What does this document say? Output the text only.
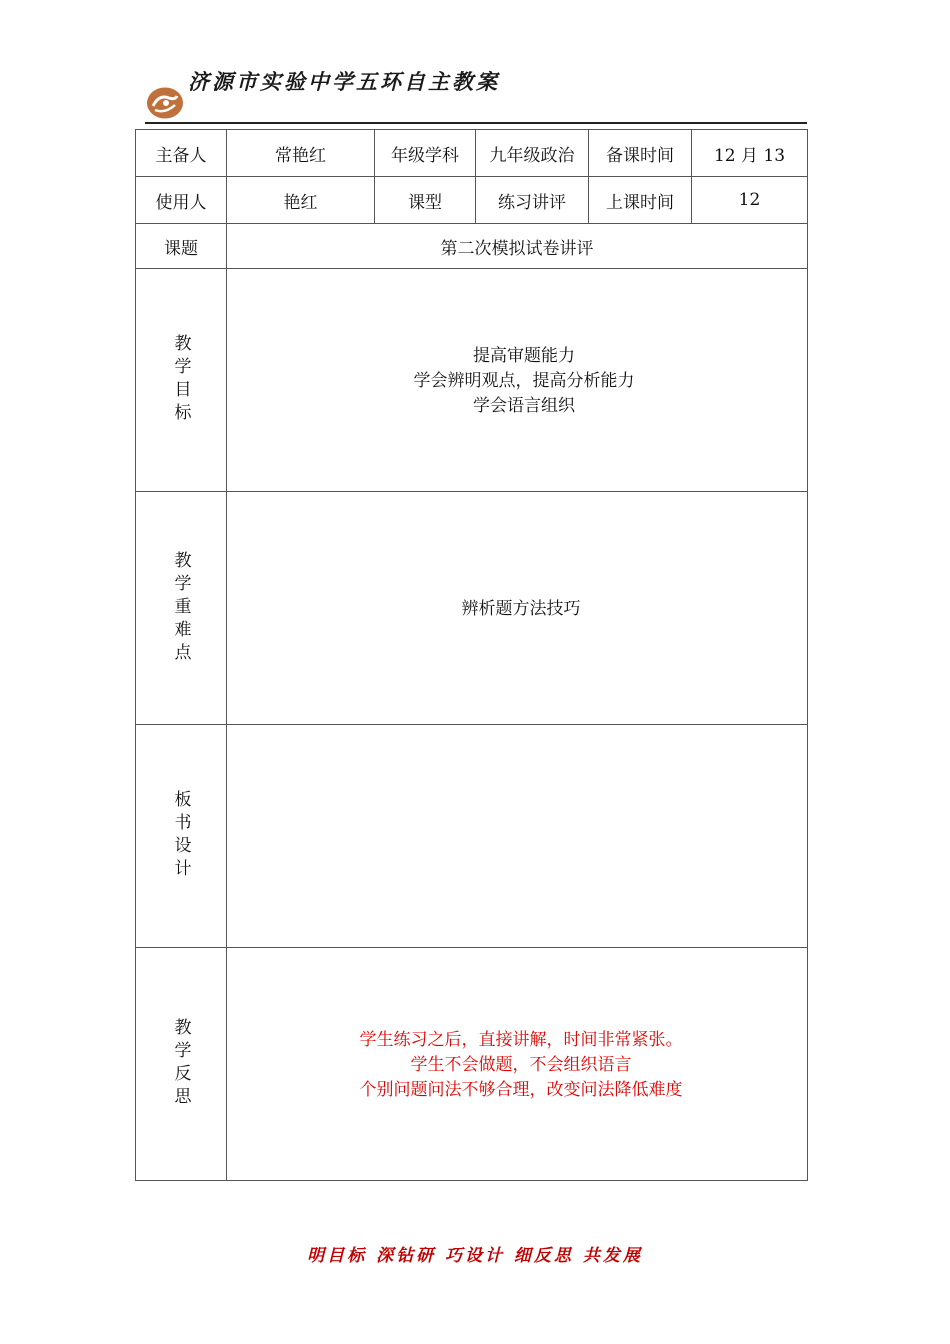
济源市实验中学五环自主教案
主备人	常艳红	年级学科	九年级政治	备课时间	12 月 13
使用人	艳红	课型	练习讲评	上课时间	12
课题	第二次模拟试卷讲评				

教学目标	提高审题能力
学会辨明观点，提高分析能力
学会语言组织				

教学重难点	辨析题方法技巧				

板书设计					

教学反思	学生练习之后，直接讲解，时间非常紧张。
学生不会做题，不会组织语言
个别问题问法不够合理，改变问法降低难度				
明目标 深钻研 巧设计 细反思 共发展
